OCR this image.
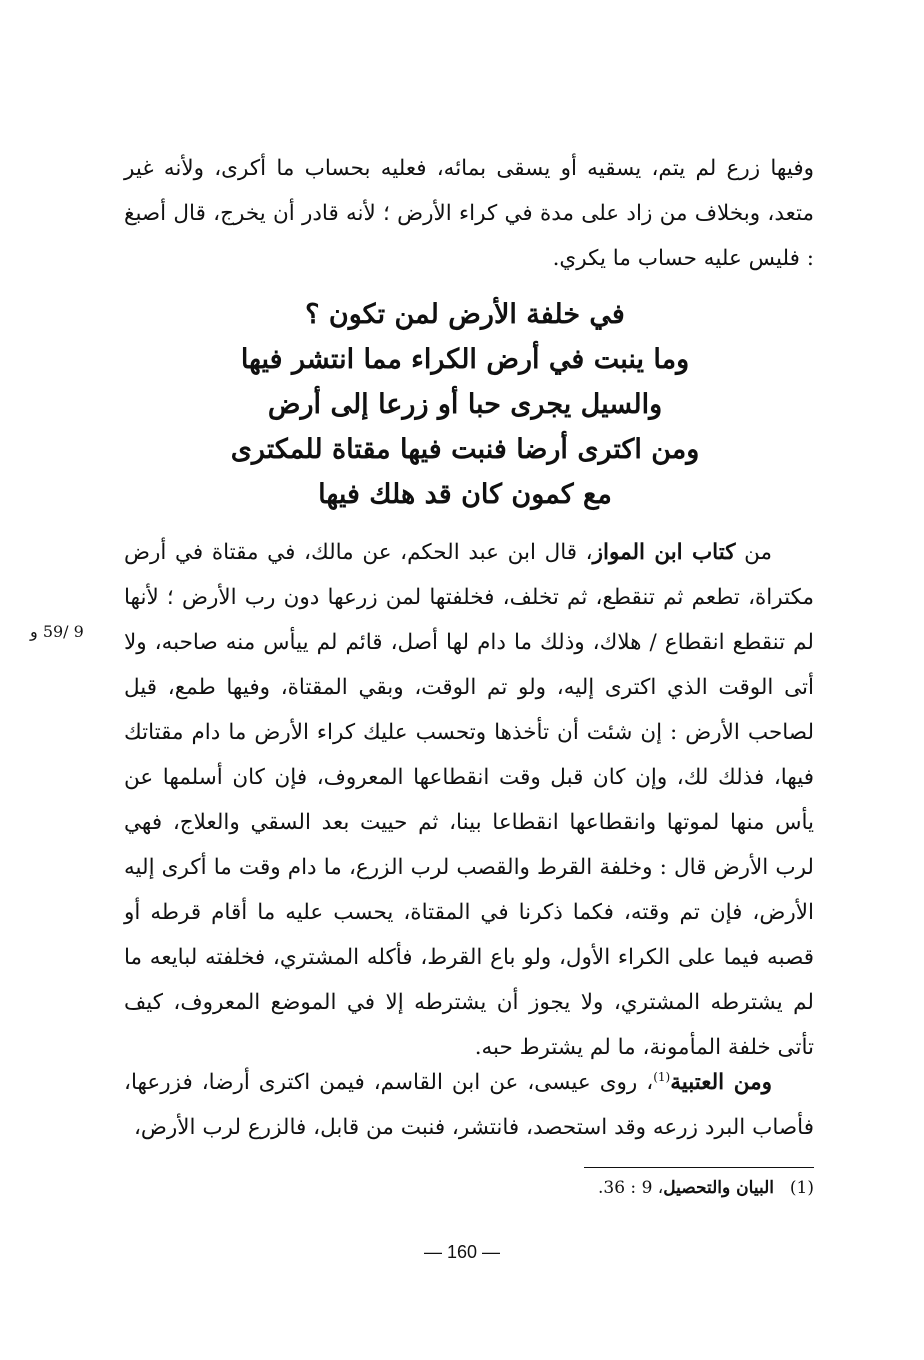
وفيها زرع لم يتم، يسقيه أو يسقى بمائه، فعليه بحساب ما أكرى، ولأنه غير متعد، وبخلاف من زاد على مدة في كراء الأرض ؛ لأنه قادر أن يخرج، قال أصبغ : فليس عليه حساب ما يكري.

في خلفة الأرض لمن تكون ؟
وما ينبت في أرض الكراء مما انتشر فيها
والسيل يجرى حبا أو زرعا إلى أرض
ومن اكترى أرضا فنبت فيها مقتاة للمكترى
مع كمون كان قد هلك فيها

من كتاب ابن المواز، قال ابن عبد الحكم، عن مالك، في مقتاة في أرض مكتراة، تطعم ثم تنقطع، ثم تخلف، فخلفتها لمن زرعها دون رب الأرض ؛ لأنها لم تنقطع انقطاع / هلاك، وذلك ما دام لها أصل، قائم لم ييأس منه صاحبه، ولا أتى الوقت الذي اكترى إليه، ولو تم الوقت، وبقي المقتاة، وفيها طمع، قيل لصاحب الأرض : إن شئت أن تأخذها وتحسب عليك كراء الأرض ما دام مقتاتك فيها، فذلك لك، وإن كان قبل وقت انقطاعها المعروف، فإن كان أسلمها عن يأس منها لموتها وانقطاعها انقطاعا بينا، ثم حييت بعد السقي والعلاج، فهي لرب الأرض قال : وخلفة القرط والقصب لرب الزرع، ما دام وقت ما أكرى إليه الأرض، فإن تم وقته، فكما ذكرنا في المقتاة، يحسب عليه ما أقام قرطه أو قصبه فيما على الكراء الأول، ولو باع القرط، فأكله المشتري، فخلفته لبايعه ما لم يشترطه المشتري، ولا يجوز أن يشترطه إلا في الموضع المعروف، كيف تأتى خلفة المأمونة، ما لم يشترط حبه.

9 /59 و

ومن العتبية$^{(1)}$، روى عيسى، عن ابن القاسم، فيمن اكترى أرضا، فزرعها، فأصاب البرد زرعه وقد استحصد، فانتشر، فنبت من قابل، فالزرع لرب الأرض،

(1)البيان والتحصيل، 9 : 36.
— 160 —
